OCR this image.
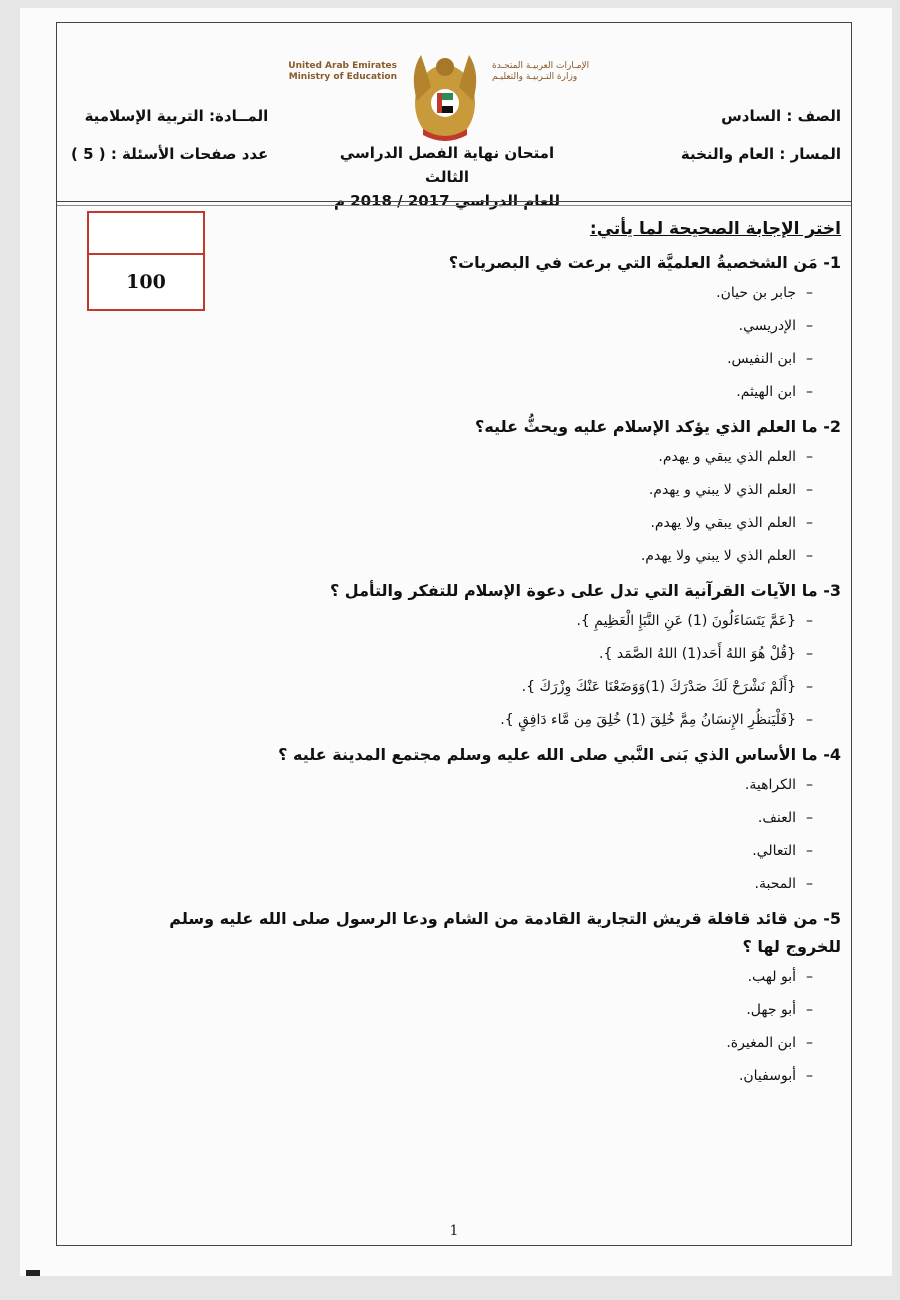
United Arab Emirates
Ministry of Education
الإمـارات العربيـة المتحـدة
وزارة التـربيـة والتعليـم
الصف : السادس
المسار : العام والنخبة
المــادة: التربية الإسلامية
عدد صفحات الأسئلة : ( 5 )	امتحان نهاية الفصل الدراسي الثالث
للعام الدراسي 2017 / 2018 م
100
اختر الإجابة الصحيحة لما يأتي:
1- مَن الشخصيةُ العلميَّة التي برعت في البصريات؟
–جابر بن حيان.
–الإدريسي.
–ابن النفيس.
–ابن الهيثم.
2- ما العلم الذي يؤكد الإسلام عليه ويحثُّ عليه؟
–العلم الذي يبقي و يهدم.
–العلم الذي لا يبني و يهدم.
–العلم الذي يبقي ولا يهدم.
–العلم الذي لا يبني ولا يهدم.
3- ما الآيات القرآنية التي تدل على دعوة الإسلام للتفكر والتأمل ؟
–{عَمَّ يَتَسَاءَلُونَ (1) عَنِ النَّبَإِ الْعَظِيمِ }.
–{قُلْ هُوَ اللهُ أَحَد(1) اللهُ الصَّمَد }.
–{أَلَمْ نَشْرَحْ لَكَ صَدْرَكَ (1)وَوَضَعْنَا عَنْكَ وِزْرَكَ }.
–{فَلْيَنظُرِ الإِنسَانُ مِمَّ خُلِقَ (1) خُلِقَ مِن مَّاء دَافِقٍ }.
4- ما الأساس الذي بَنى النَّبي صلى الله عليه وسلم مجتمع المدينة عليه ؟
–الكراهية.
–العنف.
–التعالي.
–المحبة.
5- من قائد قافلة قريش التجارية القادمة من الشام ودعا الرسول صلى الله عليه وسلم للخروج لها ؟
–أبو لهب.
–أبو جهل.
–ابن المغيرة.
–أبوسفيان.
1
